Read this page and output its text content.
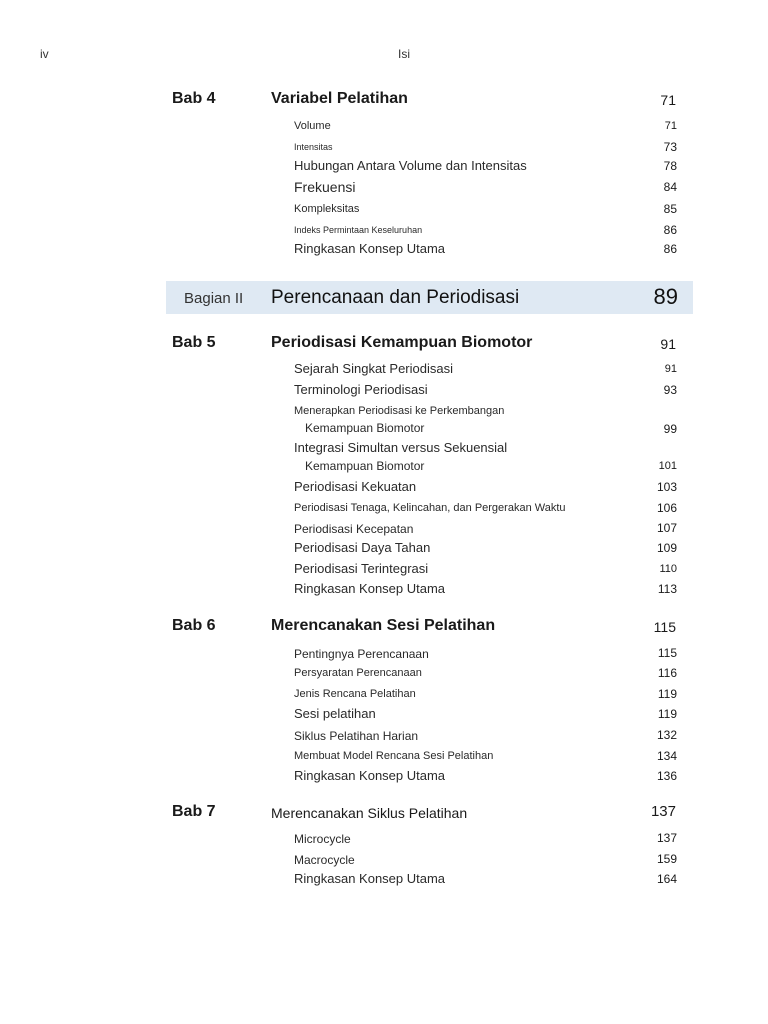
iv	Isi
Bab 4	Variabel Pelatihan	71
Volume	71
Intensitas	73
Hubungan Antara Volume dan Intensitas	78
Frekuensi	84
Kompleksitas	85
Indeks Permintaan Keseluruhan	86
Ringkasan Konsep Utama	86
Bagian II Perencanaan dan Periodisasi	89
Bab 5	Periodisasi Kemampuan Biomotor	91
Sejarah Singkat Periodisasi	91
Terminologi Periodisasi	93
Menerapkan Periodisasi ke Perkembangan
Kemampuan Biomotor	99
Integrasi Simultan versus Sekuensial
Kemampuan Biomotor	101
Periodisasi Kekuatan	103
Periodisasi Tenaga, Kelincahan, dan Pergerakan Waktu	106
Periodisasi Kecepatan	107
Periodisasi Daya Tahan	109
Periodisasi Terintegrasi	110
Ringkasan Konsep Utama	113
Bab 6	Merencanakan Sesi Pelatihan	115
Pentingnya Perencanaan	115
Persyaratan Perencanaan	116
Jenis Rencana Pelatihan	119
Sesi pelatihan	119
Siklus Pelatihan Harian	132
Membuat Model Rencana Sesi Pelatihan	134
Ringkasan Konsep Utama	136
Bab 7	Merencanakan Siklus Pelatihan	137
Microcycle	137
Macrocycle	159
Ringkasan Konsep Utama	164
